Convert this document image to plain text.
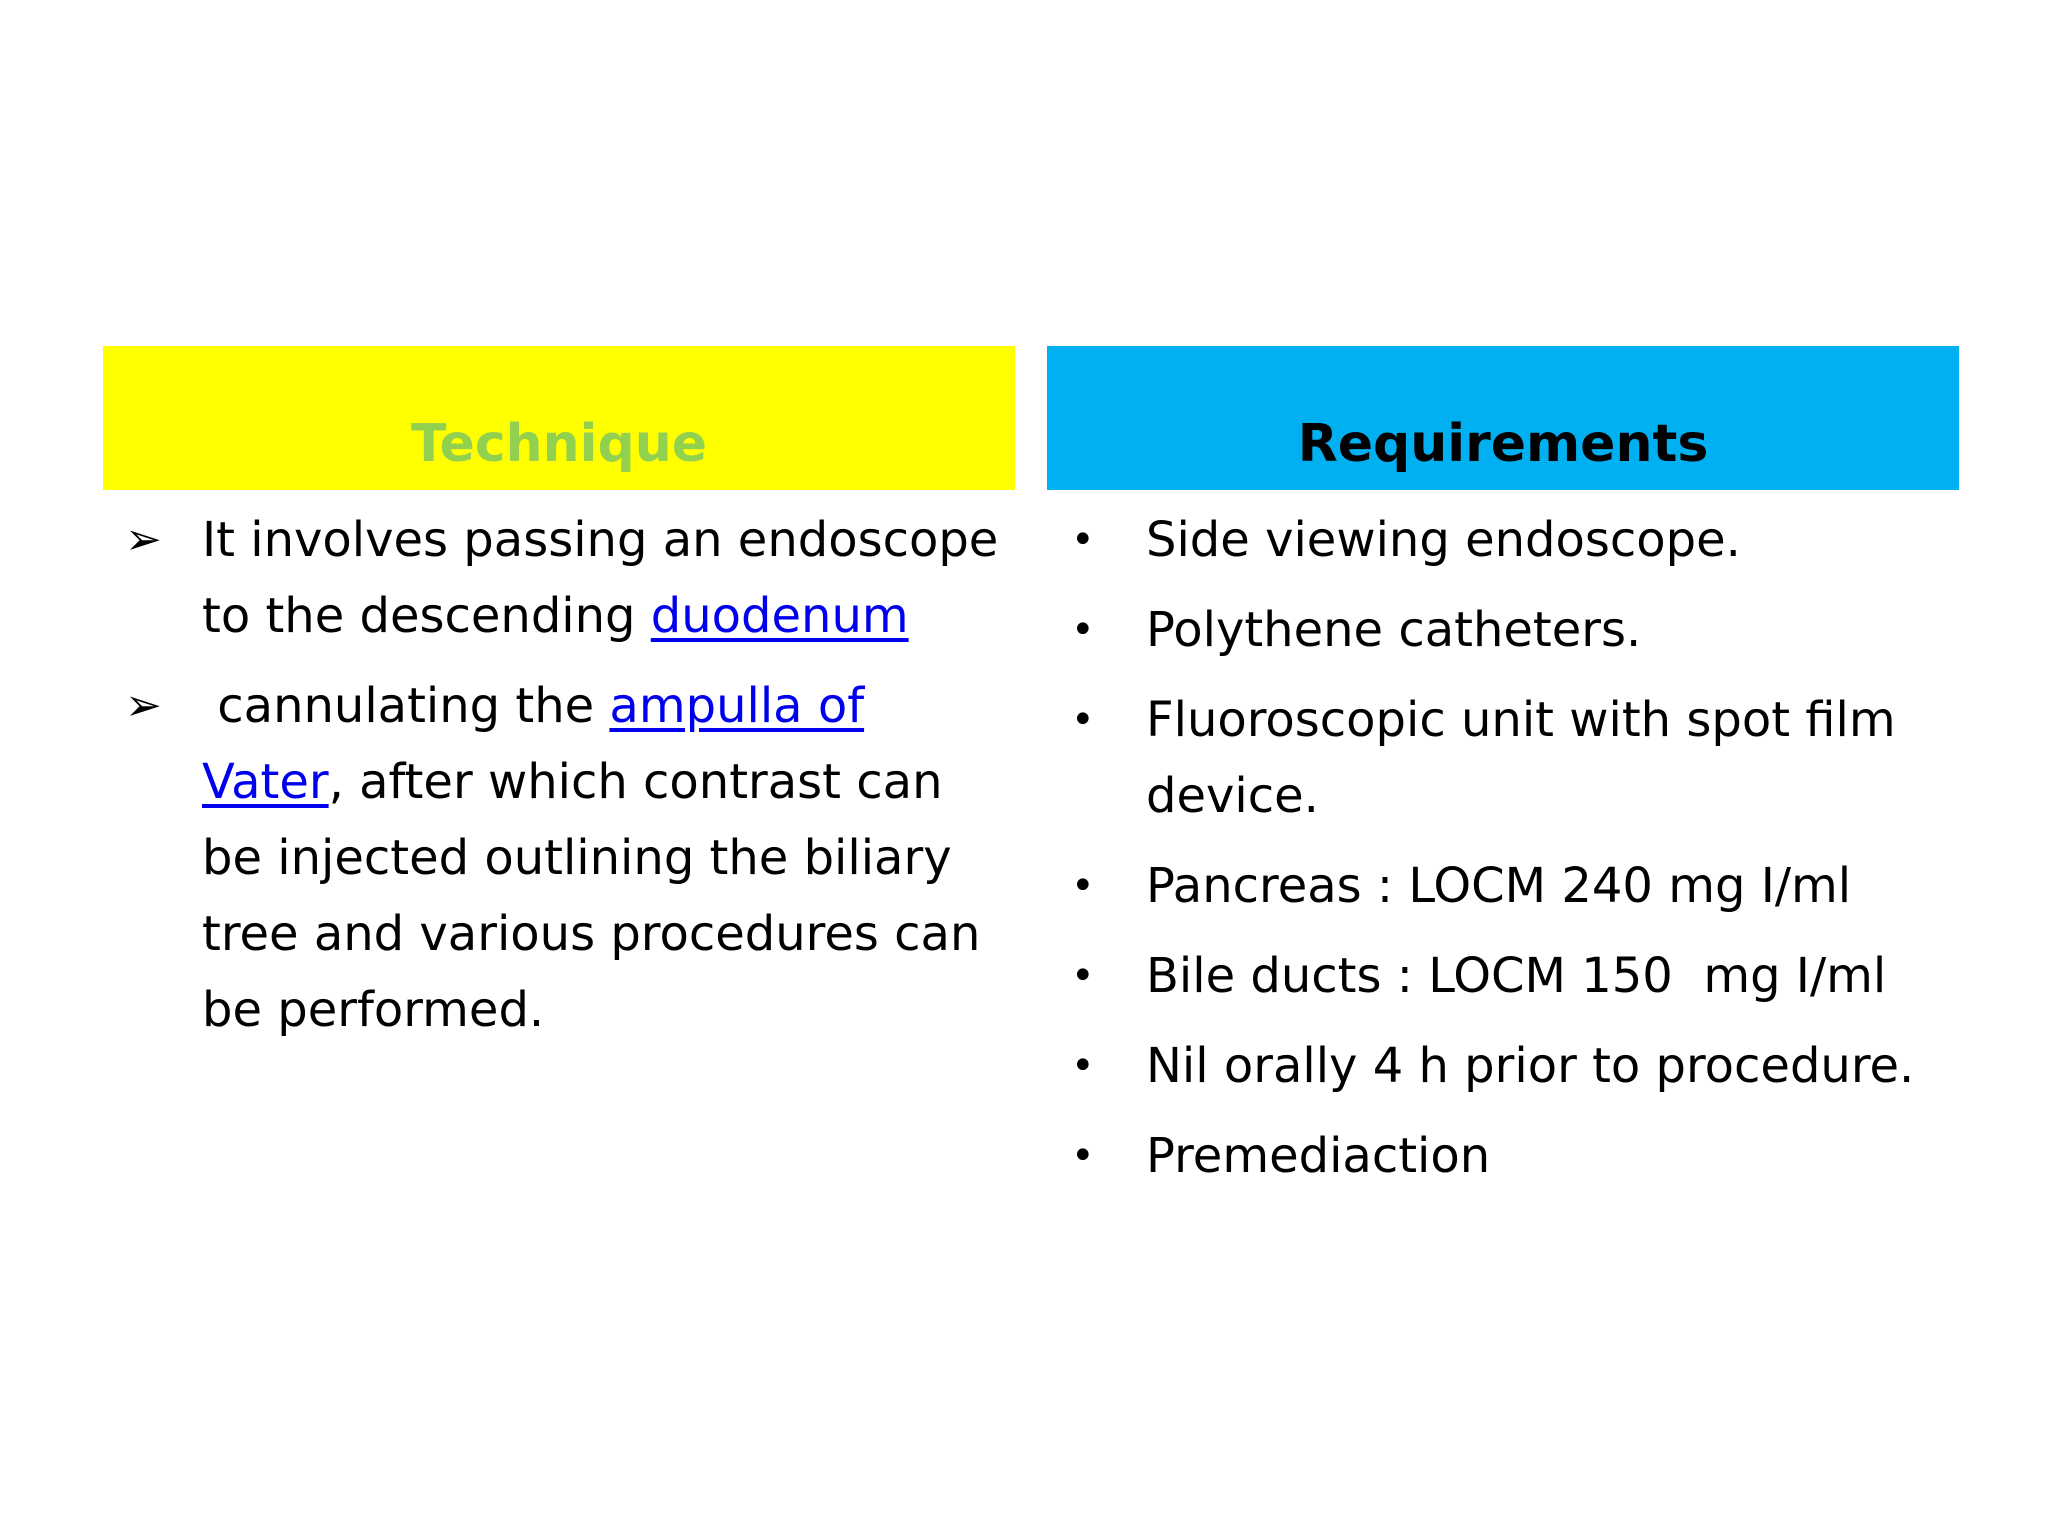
Technique
➢ It involves passing an endoscope to the descending duodenum
➢ cannulating the ampulla of Vater, after which contrast can be injected outlining the biliary tree and various procedures can be performed.
Requirements
• Side viewing endoscope.
• Polythene catheters.
• Fluoroscopic unit with spot film device.
• Pancreas : LOCM 240 mg I/ml
• Bile ducts : LOCM 150  mg I/ml
• Nil orally 4 h prior to procedure.
• Premediaction
